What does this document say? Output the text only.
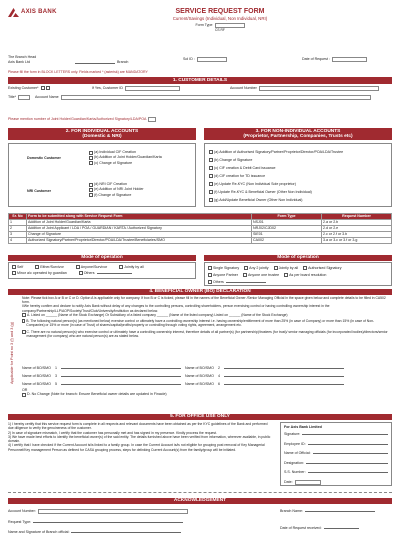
AXIS BANK	SERVICE REQUEST FORM
Current/Savings (Individual, Non Individual, NRI)
Form Type
CS RF
The Branch Head
Axis Bank Ltd	Branch
Sol ID :	Date of Request :
Please fill the form in BLOCK LETTERS only. Fields marked * (asterisk) are MANDATORY
1. CUSTOMER DETAILS
Existing Customer*	If Yes, Customer ID	Account Number
Title*	Account Name
Please mention number of Joint Holder/Guardian/Karta/Authorized Signatory/LDA/POA
2. FOR INDIVIDUAL ACCOUNTS
(Domestic & NRI)
3. FOR NON-INDIVIDUAL ACCOUNTS
(Proprietor, Partnership, Companies, Trusts etc)
Domestic Customer
(a) Individual CIF Creation
(b) Addition of Joint Holder/Guardian/Karta
(c) Change of Signature
NRI Customer
(d) NRI CIF Creation
(e) Addition of NRI Joint Holder
(f) Change of Signature
(a) Addition of Authorised Signatory/Partner/Proprietor/Director/POA/LDA/Trustee
(b) Change of Signature
(c) CIF creation & Debit Card issuance
(d) CIF creation for TD issuance
(e) Update Re-KYC (Non Individual Sole proprietor)
(f) Update Re-KYC & Beneficial Owner (Other Non Individual)
(g) Add/Update Beneficial Owner (Other Non Individual)
Sr. No	Form to be submitted along with Service Request Form	Form Type	Request Number
1	Addition of Joint Holder/Guardian/Karta	NSJ01	2.a or 2.b
2	Addition of Joint Applicant / LDA / POA / GUARDIAN / KARTA / Authorized Signatory	NRJ02/CJD02	2.d or 2.e
3	Change of Signature	SIE01	2.c or 2.f or 3.b
4	Authorized Signatory/Partner/Proprietor/Director/POA/LDA/Trustee/Beneficiaries/SMO	CA002	3.a or 3.c or 3.f or 3.g
Mode of operation	Mode of operation
Self	Either/Survivor	Anyone/Survivor	Jointly by all
Minor a/c operated by guardian	Others
Single Signatory	Any 2 jointly	Jointly by all	Authorised Signatory
Anyone Partner	Anyone one trustee	As per board resolution
Others
4. BENEFICIAL OWNER (BO) DECLARATION
Applicable for Point no 3 (f) and 3 (g)
Note: Please tick box A or B or C or D. Option A is applicable only for company. If box B or C is ticked, please fill in the names of the Beneficial Owner /Senior Managing Official in the space given below and complete details to be filled in CA502 form.
I/We hereby confirm and declare to notify Axis Bank without delay of any changes to the controlling persons, controlling shareholders, person exercising control or having controlling ownership interest in the company/Partnership/LLP/AOP/Society/Trust/Club/University/Institution as declared below.
A. Listed on ______ (Name of the Stock Exchange) Or Subsidiary of a listed company ______ (Name of the listed company) Listed on ______ (Name of the Stock Exchange)
B. The following natural person(s) (as mentioned below) exercise control or ultimately have a controlling ownership interest i.e. having ownership/entitlement of more than 25% (in case of Company) or more than 15% (in case of Non-Companies) or 15% or more (in case of Trust) of shares/capital/profits/property or controlling through voting rights, agreement, arrangement etc.
C. There are no natural person(s) who exercise control or ultimately have a controlling ownership interest, therefore details of all partner(s) (for partnership)/trustees (for trust)/ senior managing officials (for incorporated bodies)/directors/senior management (for company) who are natural person(s) are as stated below.
Name of BO/SMO 1	Name of BO/SMO 2
Name of BO/SMO 3	Name of BO/SMO 4
Name of BO/SMO 5	Name of BO/SMO 6
OR
D. No Change (Note for branch: Ensure Beneficial owner details are updated in Finacle)
5. FOR OFFICE USE ONLY
1) I hereby certify that this service request form is complete in all respects and relevant documents have been obtained as per the KYC guidelines of the Bank and performed due diligence to verify the genuineness of the customer.
2) In case of signature mismatch, I certify that the customer has personally met and has signed in my presence. Kindly process the request.
3) We have made best efforts to identify the beneficial owner(s) of the said entity. The details furnished above have been verified from information, wherever available, in public domain.
4) I certify that I have checked if the Current Account is/is linked to a family group. In case the Current Account is/is not eligible for grouping post removal of Key Managerial Personnel/Key management Person as defined for CASA grouping process, steps for delinking Current Account(s) from the family/group will be initiated.
For Axis Bank Limited
Signature:
Employee ID:
Name of Official:
Designation:
S.S. Number:
Date:
ACKNOWLEDGEMENT
Account Number:
Request Type:
Name and Signature of Branch official:
Branch Name:
Date of Request received:
